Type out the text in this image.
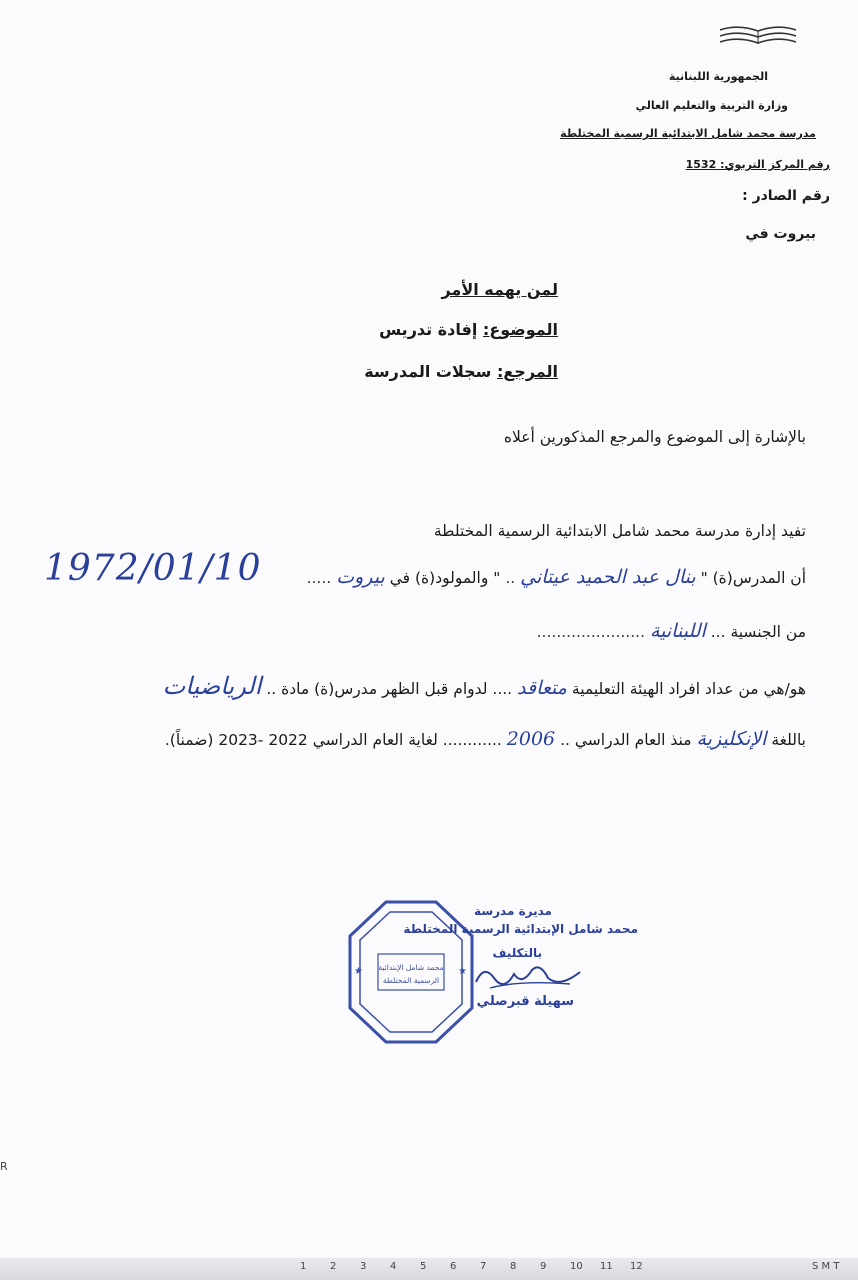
الجمهورية اللبنانية
وزارة التربية والتعليم العالي
مدرسة محمد شامل الابتدائية الرسمية المختلطة
رقم المركز التربوي: 1532
رقم الصادر :
بيروت في
لمن يهمه الأمر
الموضوع: إفادة تدريس
المرجع: سجلات المدرسة
بالإشارة إلى الموضوع والمرجع المذكورين أعلاه
تفيد إدارة مدرسة محمد شامل الابتدائية الرسمية المختلطة
أن المدرس(ة) " بنال عبد الحميد عيتاني .. " والمولود(ة) في بيروت .....
1972/01/10
من الجنسية ... اللبنانية ......................
هو/هي من عداد افراد الهيئة التعليمية متعاقد .... لدوام قبل الظهر مدرس(ة) مادة .. الرياضيات
باللغة الإنكليزية منذ العام الدراسي .. 2006 ............ لغاية العام الدراسي 2022 -2023 (ضمناً).
★	★
محمد شامل الإبتدائية
الرسمية المختلطة
مديرة مدرسة
محمد شامل الإبتدائية الرسمية المختلطة
بالتكليف
سهيلة قبرصلي
R
1 2 3 4 5 6 7 8 9 10 11 12	S M T
